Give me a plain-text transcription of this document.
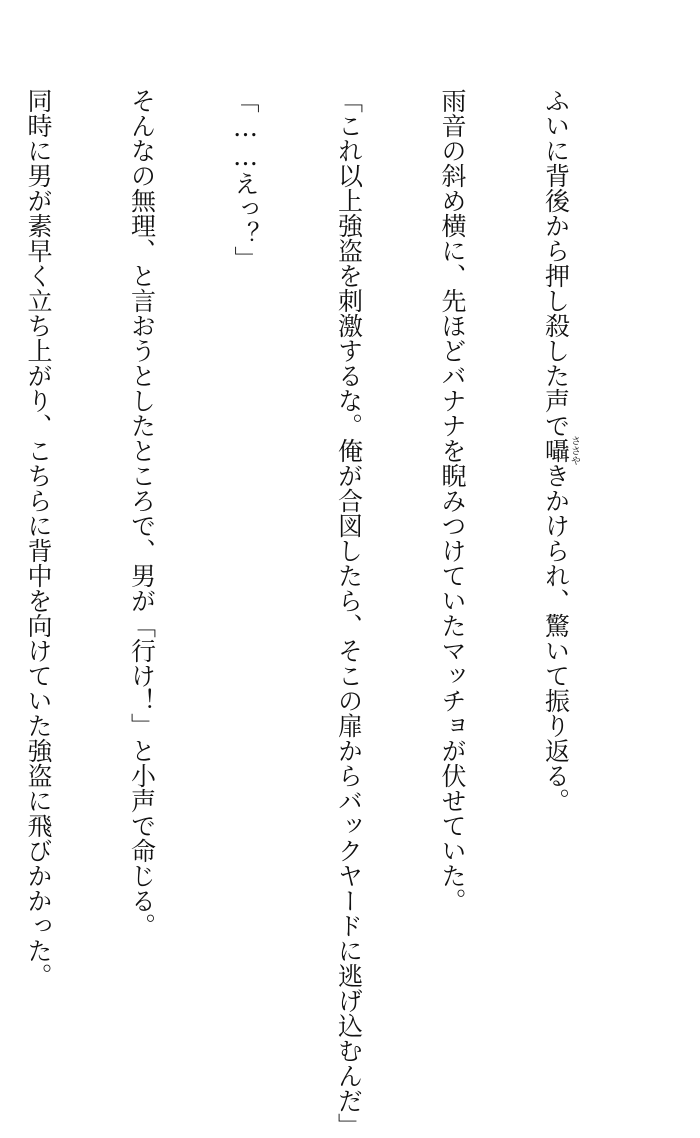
ふいに背後から押し殺した声で囁ささやきかけられ、驚いて振り返る。

雨音の斜め横に、先ほどバナナを睨みつけていたマッチョが伏せていた。

「これ以上強盗を刺激するな。俺が合図したら、そこの扉からバックヤードに逃げ込むんだ」

「……えっ？」

そんなの無理、と言おうとしたところで、男が「行け！」と小声で命じる。

同時に男が素早く立ち上がり、こちらに背中を向けていた強盗に飛びかかった。
